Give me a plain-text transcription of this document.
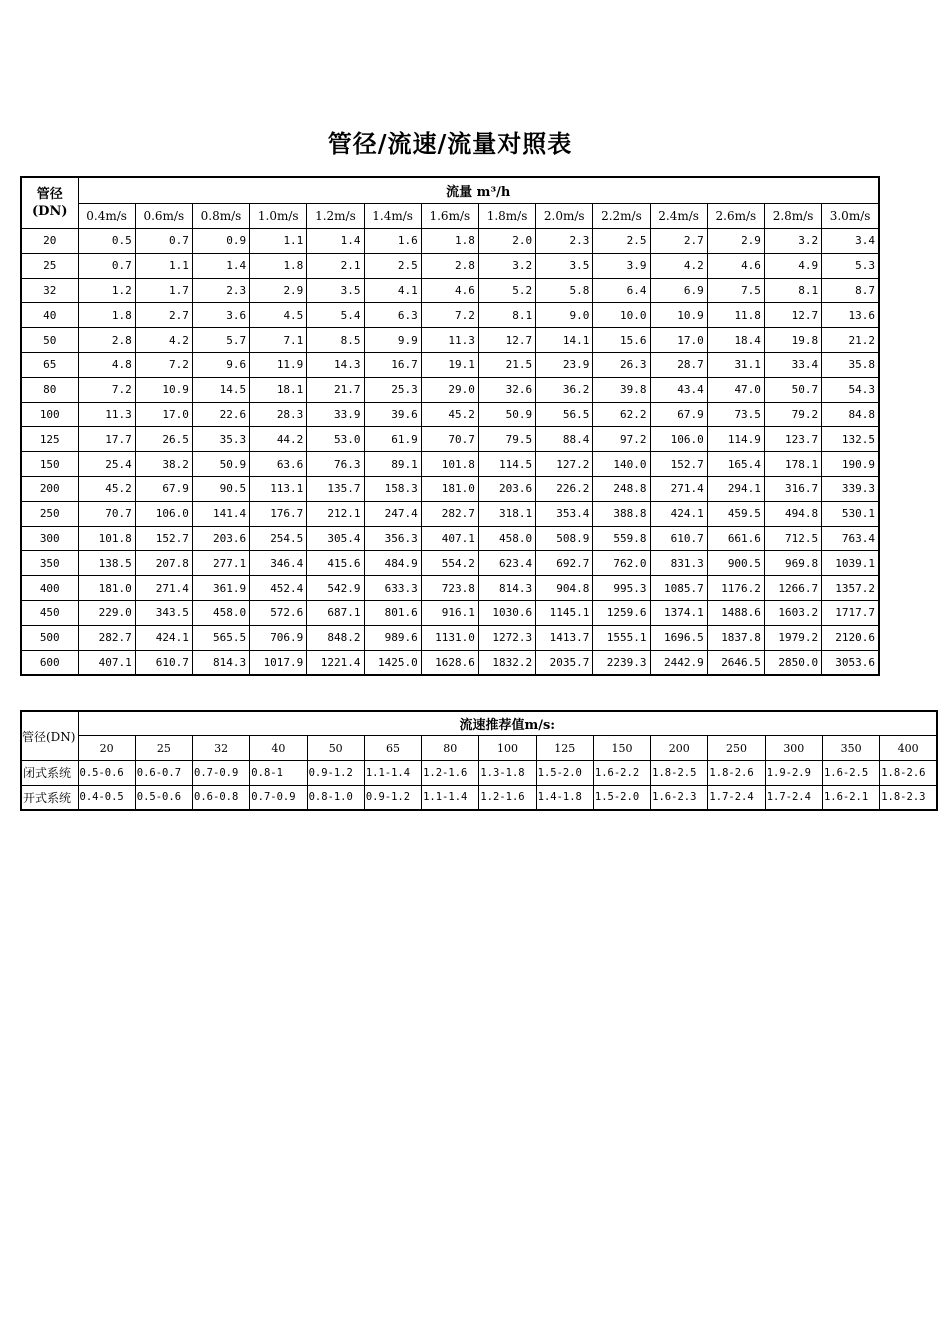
管径/流速/流量对照表
管径
(DN)	流量 m³/h													
	0.4m/s	0.6m/s	0.8m/s	1.0m/s	1.2m/s	1.4m/s	1.6m/s	1.8m/s	2.0m/s	2.2m/s	2.4m/s	2.6m/s	2.8m/s	3.0m/s
20	0.5	0.7	0.9	1.1	1.4	1.6	1.8	2.0	2.3	2.5	2.7	2.9	3.2	3.4
25	0.7	1.1	1.4	1.8	2.1	2.5	2.8	3.2	3.5	3.9	4.2	4.6	4.9	5.3
32	1.2	1.7	2.3	2.9	3.5	4.1	4.6	5.2	5.8	6.4	6.9	7.5	8.1	8.7
40	1.8	2.7	3.6	4.5	5.4	6.3	7.2	8.1	9.0	10.0	10.9	11.8	12.7	13.6
50	2.8	4.2	5.7	7.1	8.5	9.9	11.3	12.7	14.1	15.6	17.0	18.4	19.8	21.2
65	4.8	7.2	9.6	11.9	14.3	16.7	19.1	21.5	23.9	26.3	28.7	31.1	33.4	35.8
80	7.2	10.9	14.5	18.1	21.7	25.3	29.0	32.6	36.2	39.8	43.4	47.0	50.7	54.3
100	11.3	17.0	22.6	28.3	33.9	39.6	45.2	50.9	56.5	62.2	67.9	73.5	79.2	84.8
125	17.7	26.5	35.3	44.2	53.0	61.9	70.7	79.5	88.4	97.2	106.0	114.9	123.7	132.5
150	25.4	38.2	50.9	63.6	76.3	89.1	101.8	114.5	127.2	140.0	152.7	165.4	178.1	190.9
200	45.2	67.9	90.5	113.1	135.7	158.3	181.0	203.6	226.2	248.8	271.4	294.1	316.7	339.3
250	70.7	106.0	141.4	176.7	212.1	247.4	282.7	318.1	353.4	388.8	424.1	459.5	494.8	530.1
300	101.8	152.7	203.6	254.5	305.4	356.3	407.1	458.0	508.9	559.8	610.7	661.6	712.5	763.4
350	138.5	207.8	277.1	346.4	415.6	484.9	554.2	623.4	692.7	762.0	831.3	900.5	969.8	1039.1
400	181.0	271.4	361.9	452.4	542.9	633.3	723.8	814.3	904.8	995.3	1085.7	1176.2	1266.7	1357.2
450	229.0	343.5	458.0	572.6	687.1	801.6	916.1	1030.6	1145.1	1259.6	1374.1	1488.6	1603.2	1717.7
500	282.7	424.1	565.5	706.9	848.2	989.6	1131.0	1272.3	1413.7	1555.1	1696.5	1837.8	1979.2	2120.6
600	407.1	610.7	814.3	1017.9	1221.4	1425.0	1628.6	1832.2	2035.7	2239.3	2442.9	2646.5	2850.0	3053.6
管径(DN)	流速推荐值m/s:														
	20	25	32	40	50	65	80	100	125	150	200	250	300	350	400
闭式系统	0.5-0.6	0.6-0.7	0.7-0.9	0.8-1	0.9-1.2	1.1-1.4	1.2-1.6	1.3-1.8	1.5-2.0	1.6-2.2	1.8-2.5	1.8-2.6	1.9-2.9	1.6-2.5	1.8-2.6
开式系统	0.4-0.5	0.5-0.6	0.6-0.8	0.7-0.9	0.8-1.0	0.9-1.2	1.1-1.4	1.2-1.6	1.4-1.8	1.5-2.0	1.6-2.3	1.7-2.4	1.7-2.4	1.6-2.1	1.8-2.3
